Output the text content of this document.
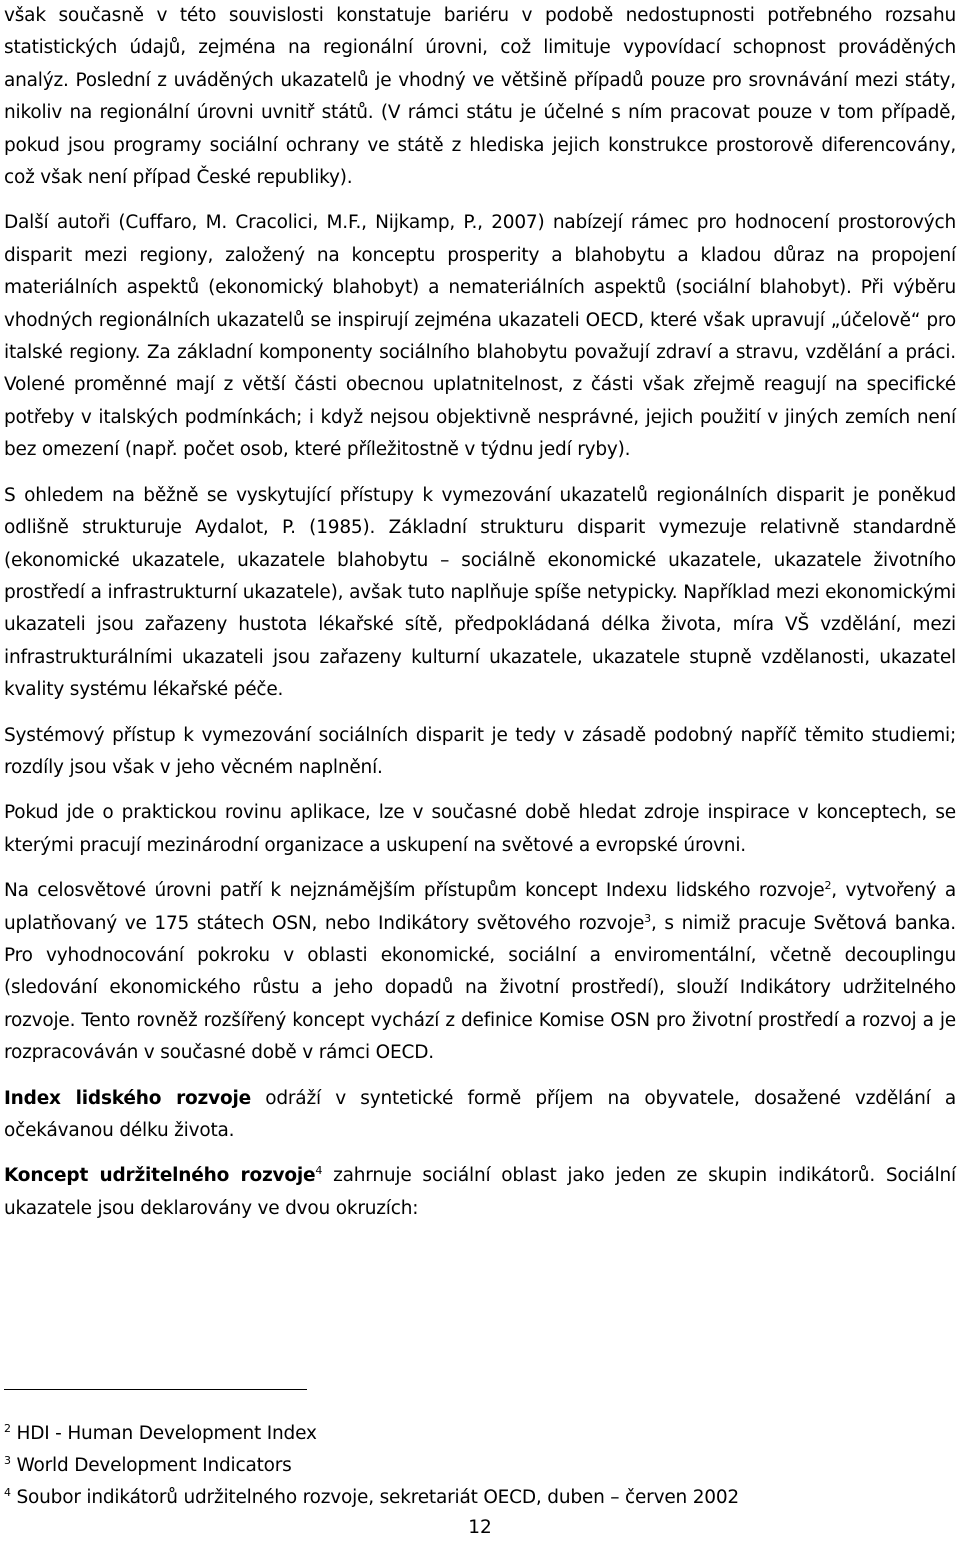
však současně v této souvislosti konstatuje bariéru v podobě nedostupnosti potřebného rozsahu statistických údajů, zejména na regionální úrovni, což limituje vypovídací schopnost prováděných analýz. Poslední z uváděných ukazatelů je vhodný ve většině případů pouze pro srovnávání mezi státy, nikoliv na regionální úrovni uvnitř států. (V rámci státu je účelné s ním pracovat pouze v tom případě, pokud jsou programy sociální ochrany ve státě z hlediska jejich konstrukce prostorově diferencovány, což však není případ České republiky).

Další autoři (Cuffaro, M. Cracolici, M.F., Nijkamp, P., 2007) nabízejí rámec pro hodnocení prostorových disparit mezi regiony, založený na konceptu prosperity a blahobytu a kladou důraz na propojení materiálních aspektů (ekonomický blahobyt) a nemateriálních aspektů (sociální blahobyt). Při výběru vhodných regionálních ukazatelů se inspirují zejména ukazateli OECD, které však upravují „účelově“ pro italské regiony. Za základní komponenty sociálního blahobytu považují zdraví a stravu, vzdělání a práci. Volené proměnné mají z větší části obecnou uplatnitelnost, z části však zřejmě reagují na specifické potřeby v italských podmínkách; i když nejsou objektivně nesprávné, jejich použití v jiných zemích není bez omezení (např. počet osob, které příležitostně v týdnu jedí ryby).

S ohledem na běžně se vyskytující přístupy k vymezování ukazatelů regionálních disparit je poněkud odlišně strukturuje Aydalot, P. (1985). Základní strukturu disparit vymezuje relativně standardně (ekonomické ukazatele, ukazatele blahobytu – sociálně ekonomické ukazatele, ukazatele životního prostředí a infrastrukturní ukazatele), avšak tuto naplňuje spíše netypicky. Například mezi ekonomickými ukazateli jsou zařazeny hustota lékařské sítě, předpokládaná délka života, míra VŠ vzdělání, mezi infrastrukturálními ukazateli jsou zařazeny kulturní ukazatele, ukazatele stupně vzdělanosti, ukazatel kvality systému lékařské péče.

Systémový přístup k vymezování sociálních disparit je tedy v zásadě podobný napříč těmito studiemi; rozdíly jsou však v jeho věcném naplnění.

Pokud jde o praktickou rovinu aplikace, lze v současné době hledat zdroje inspirace v konceptech, se kterými pracují mezinárodní organizace a uskupení na světové a evropské úrovni.

Na celosvětové úrovni patří k nejznámějším přístupům koncept Indexu lidského rozvoje$^2$, vytvořený a uplatňovaný ve 175 státech OSN, nebo Indikátory světového rozvoje$^3$, s nimiž pracuje Světová banka. Pro vyhodnocování pokroku v oblasti ekonomické, sociální a enviromentální, včetně decouplingu (sledování ekonomického růstu a jeho dopadů na životní prostředí), slouží Indikátory udržitelného rozvoje. Tento rovněž rozšířený koncept vychází z definice Komise OSN pro životní prostředí a rozvoj a je rozpracováván v současné době v rámci OECD.

Index lidského rozvoje odráží v syntetické formě příjem na obyvatele, dosažené vzdělání a očekávanou délku života.

Koncept udržitelného rozvoje$^4$ zahrnuje sociální oblast jako jeden ze skupin indikátorů. Sociální ukazatele jsou deklarovány ve dvou okruzích:

$^2$ HDI - Human Development Index

$^3$ World Development Indicators

$^4$ Soubor indikátorů udržitelného rozvoje, sekretariát OECD, duben – červen 2002

12
